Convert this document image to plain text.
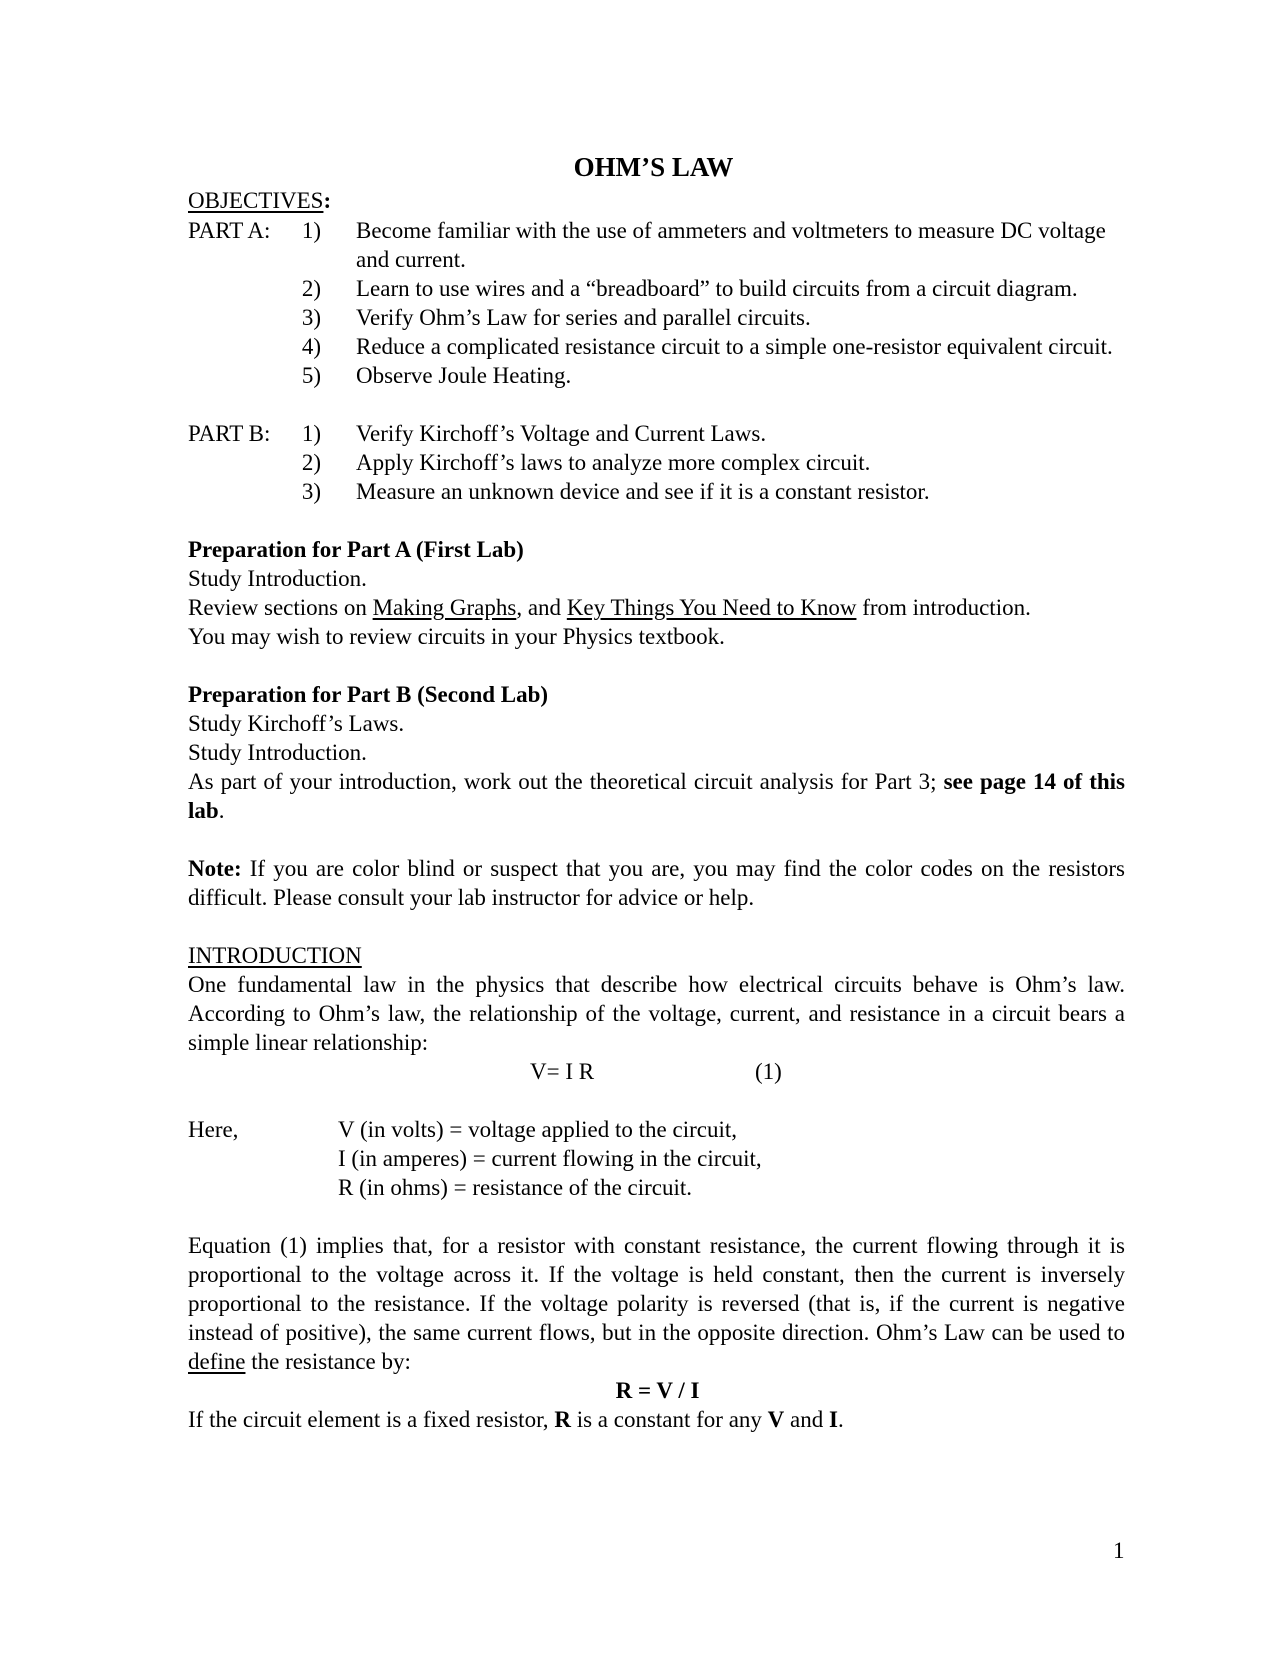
OHM’S LAW
OBJECTIVES:
PART A:	1) Become familiar with the use of ammeters and voltmeters to measure DC voltage
and current.
2) Learn to use wires and a “breadboard” to build circuits from a circuit diagram.
3) Verify Ohm’s Law for series and parallel circuits.
4) Reduce a complicated resistance circuit to a simple one-resistor equivalent circuit.
5) Observe Joule Heating.
PART B:	1) Verify Kirchoff’s Voltage and Current Laws.
2) Apply Kirchoff’s laws to analyze more complex circuit.
3) Measure an unknown device and see if it is a constant resistor.
Preparation for Part A (First Lab)
Study Introduction.
Review sections on Making Graphs, and Key Things You Need to Know from introduction.
You may wish to review circuits in your Physics textbook.
Preparation for Part B (Second Lab)
Study Kirchoff’s Laws.
Study Introduction.
As part of your introduction, work out the theoretical circuit analysis for Part 3; see page 14 of this lab.
Note: If you are color blind or suspect that you are, you may find the color codes on the resistors difficult. Please consult your lab instructor for advice or help.
INTRODUCTION
One fundamental law in the physics that describe how electrical circuits behave is Ohm’s law. According to Ohm’s law, the relationship of the voltage, current, and resistance in a circuit bears a simple linear relationship:
V= I R	(1)
Here,	V (in volts) = voltage applied to the circuit,
I (in amperes) = current flowing in the circuit,
R (in ohms) = resistance of the circuit.
Equation (1) implies that, for a resistor with constant resistance, the current flowing through it is proportional to the voltage across it. If the voltage is held constant, then the current is inversely proportional to the resistance. If the voltage polarity is reversed (that is, if the current is negative instead of positive), the same current flows, but in the opposite direction. Ohm’s Law can be used to define the resistance by:
R = V / I
If the circuit element is a fixed resistor, R is a constant for any V and I.
1
